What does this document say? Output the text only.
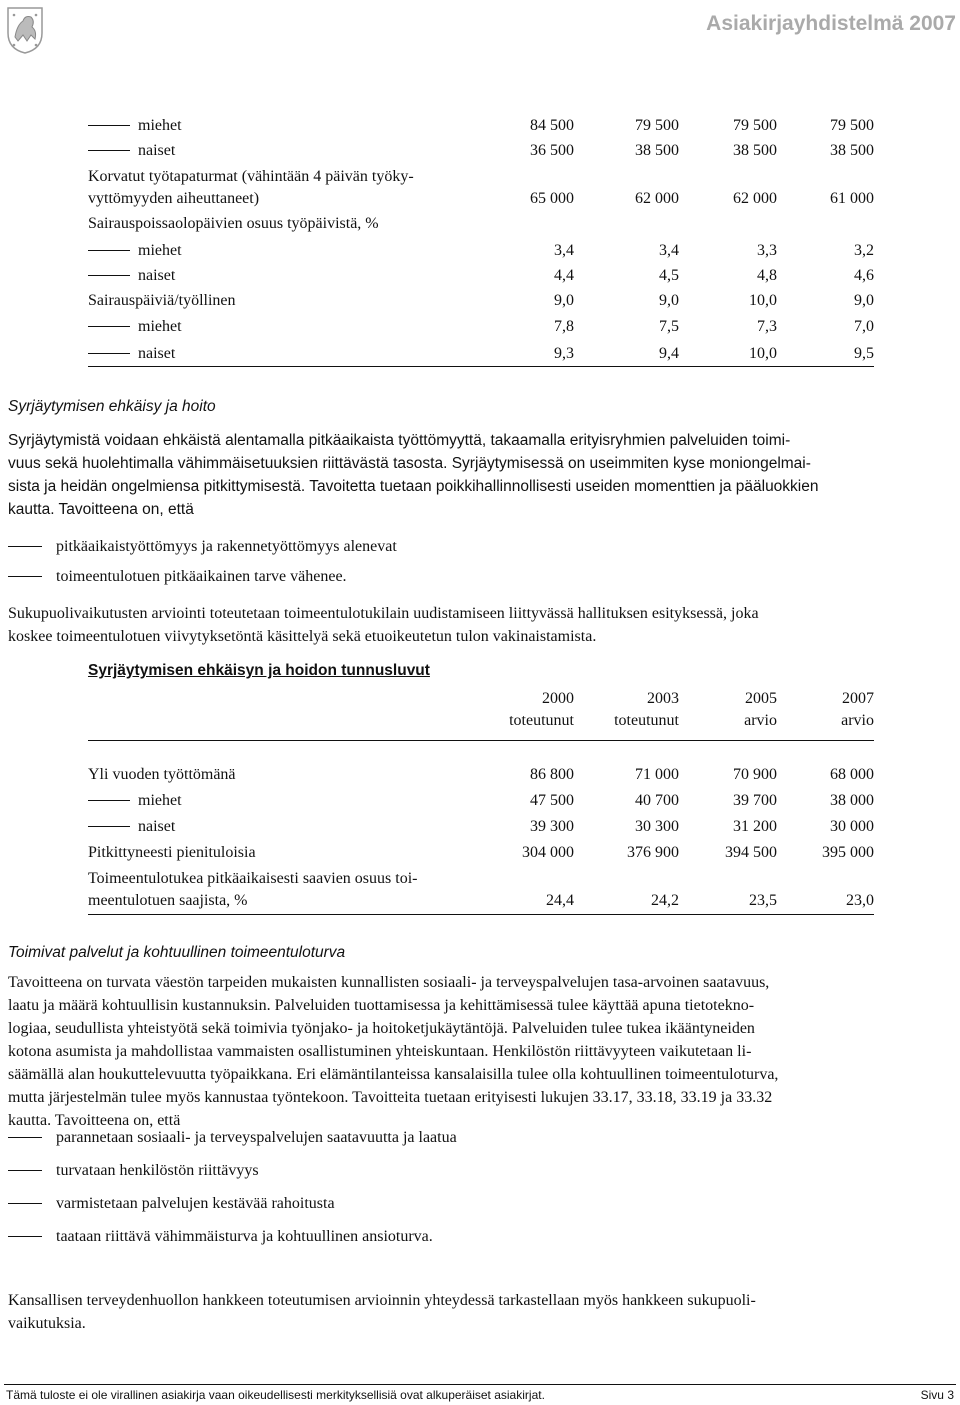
Asiakirjayhdistelmä 2007
miehet	84 500	79 500	79 500	79 500
naiset	36 500	38 500	38 500	38 500
Korvatut työtapaturmat (vähintään 4 päivän työky-
vyttömyyden aiheuttaneet)	65 000	62 000	62 000	61 000
Sairauspoissaolopäivien osuus työpäivistä, %
miehet	3,4	3,4	3,3	3,2
naiset	4,4	4,5	4,8	4,6
Sairauspäiviä/työllinen	9,0	9,0	10,0	9,0
miehet	7,8	7,5	7,3	7,0
naiset	9,3	9,4	10,0	9,5
Syrjäytymisen ehkäisy ja hoito
Syrjäytymistä voidaan ehkäistä alentamalla pitkäaikaista työttömyyttä, takaamalla erityisryhmien palveluiden toimi-
vuus sekä huolehtimalla vähimmäisetuuksien riittävästä tasosta. Syrjäytymisessä on useimmiten kyse moniongelmai-
sista ja heidän ongelmiensa pitkittymisestä. Tavoitetta tuetaan poikkihallinnollisesti useiden momenttien ja pääluokkien
kautta. Tavoitteena on, että
pitkäaikaistyöttömyys ja rakennetyöttömyys alenevat
toimeentulotuen pitkäaikainen tarve vähenee.
Sukupuolivaikutusten arviointi toteutetaan toimeentulotukilain uudistamiseen liittyvässä hallituksen esityksessä, joka
koskee toimeentulotuen viivytyksetöntä käsittelyä sekä etuoikeutetun tulon vakinaistamista.
Syrjäytymisen ehkäisyn ja hoidon tunnusluvut
2000	2003	2005	2007
toteutunut	toteutunut	arvio	arvio
Yli vuoden työttömänä	86 800	71 000	70 900	68 000
miehet	47 500	40 700	39 700	38 000
naiset	39 300	30 300	31 200	30 000
Pitkittyneesti pienituloisia	304 000	376 900	394 500	395 000
Toimeentulotukea pitkäaikaisesti saavien osuus toi-
meentulotuen saajista, %	24,4	24,2	23,5	23,0
Toimivat palvelut ja kohtuullinen toimeentuloturva
Tavoitteena on turvata väestön tarpeiden mukaisten kunnallisten sosiaali- ja terveyspalvelujen tasa-arvoinen saatavuus,
laatu ja määrä kohtuullisin kustannuksin. Palveluiden tuottamisessa ja kehittämisessä tulee käyttää apuna tietotekno-
logiaa, seudullista yhteistyötä sekä toimivia työnjako- ja hoitoketjukäytäntöjä. Palveluiden tulee tukea ikääntyneiden
kotona asumista ja mahdollistaa vammaisten osallistuminen yhteiskuntaan. Henkilöstön riittävyyteen vaikutetaan li-
säämällä alan houkuttelevuutta työpaikkana. Eri elämäntilanteissa kansalaisilla tulee olla kohtuullinen toimeentuloturva,
mutta järjestelmän tulee myös kannustaa työntekoon. Tavoitteita tuetaan erityisesti lukujen 33.17, 33.18, 33.19 ja 33.32
kautta. Tavoitteena on, että
parannetaan sosiaali- ja terveyspalvelujen saatavuutta ja laatua
turvataan henkilöstön riittävyys
varmistetaan palvelujen kestävää rahoitusta
taataan riittävä vähimmäisturva ja kohtuullinen ansioturva.
Kansallisen terveydenhuollon hankkeen toteutumisen arvioinnin yhteydessä tarkastellaan myös hankkeen sukupuoli-
vaikutuksia.
Tämä tuloste ei ole virallinen asiakirja vaan oikeudellisesti merkityksellisiä ovat alkuperäiset asiakirjat.	Sivu 3
